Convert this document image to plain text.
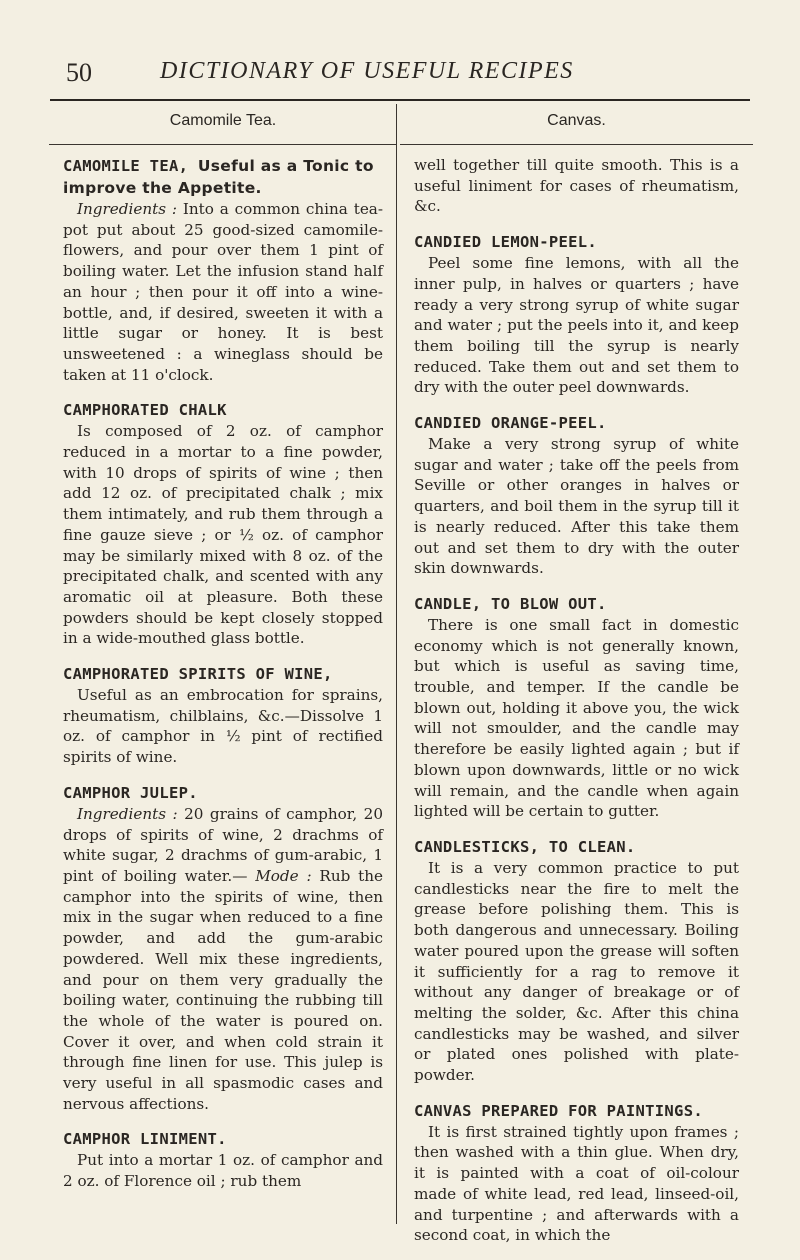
50	DICTIONARY OF USEFUL RECIPES
Camomile Tea.
CAMOMILE TEA, Useful as a Tonic to improve the Appetite.
Ingredients : Into a common china tea-pot put about 25 good-sized camomile-flowers, and pour over them 1 pint of boiling water. Let the infusion stand half an hour ; then pour it off into a wine-bottle, and, if desired, sweeten it with a little sugar or honey. It is best unsweetened : a wineglass should be taken at 11 o'clock.
CAMPHORATED CHALK
Is composed of 2 oz. of camphor reduced in a mortar to a fine powder, with 10 drops of spirits of wine ; then add 12 oz. of precipitated chalk ; mix them intimately, and rub them through a fine gauze sieve ; or ½ oz. of camphor may be similarly mixed with 8 oz. of the precipitated chalk, and scented with any aromatic oil at pleasure. Both these powders should be kept closely stopped in a wide-mouthed glass bottle.
CAMPHORATED SPIRITS OF WINE,
Useful as an embrocation for sprains, rheumatism, chilblains, &c.—Dissolve 1 oz. of camphor in ½ pint of rectified spirits of wine.
CAMPHOR JULEP.
Ingredients : 20 grains of camphor, 20 drops of spirits of wine, 2 drachms of white sugar, 2 drachms of gum-arabic, 1 pint of boiling water.— Mode : Rub the camphor into the spirits of wine, then mix in the sugar when reduced to a fine powder, and add the gum-arabic powdered. Well mix these ingredients, and pour on them very gradually the boiling water, continuing the rubbing till the whole of the water is poured on. Cover it over, and when cold strain it through fine linen for use. This julep is very useful in all spasmodic cases and nervous affections.
CAMPHOR LINIMENT.
Put into a mortar 1 oz. of camphor and 2 oz. of Florence oil ; rub them
Canvas.
well together till quite smooth. This is a useful liniment for cases of rheumatism, &c.
CANDIED LEMON-PEEL.
Peel some fine lemons, with all the inner pulp, in halves or quarters ; have ready a very strong syrup of white sugar and water ; put the peels into it, and keep them boiling till the syrup is nearly reduced. Take them out and set them to dry with the outer peel downwards.
CANDIED ORANGE-PEEL.
Make a very strong syrup of white sugar and water ; take off the peels from Seville or other oranges in halves or quarters, and boil them in the syrup till it is nearly reduced. After this take them out and set them to dry with the outer skin downwards.
CANDLE, TO BLOW OUT.
There is one small fact in domestic economy which is not generally known, but which is useful as saving time, trouble, and temper. If the candle be blown out, holding it above you, the wick will not smoulder, and the candle may therefore be easily lighted again ; but if blown upon downwards, little or no wick will remain, and the candle when again lighted will be certain to gutter.
CANDLESTICKS, TO CLEAN.
It is a very common practice to put candlesticks near the fire to melt the grease before polishing them. This is both dangerous and unnecessary. Boiling water poured upon the grease will soften it sufficiently for a rag to remove it without any danger of breakage or of melting the solder, &c. After this china candlesticks may be washed, and silver or plated ones polished with plate-powder.
CANVAS PREPARED FOR PAINTINGS.
It is first strained tightly upon frames ; then washed with a thin glue. When dry, it is painted with a coat of oil-colour made of white lead, red lead, linseed-oil, and turpentine ; and afterwards with a second coat, in which the
